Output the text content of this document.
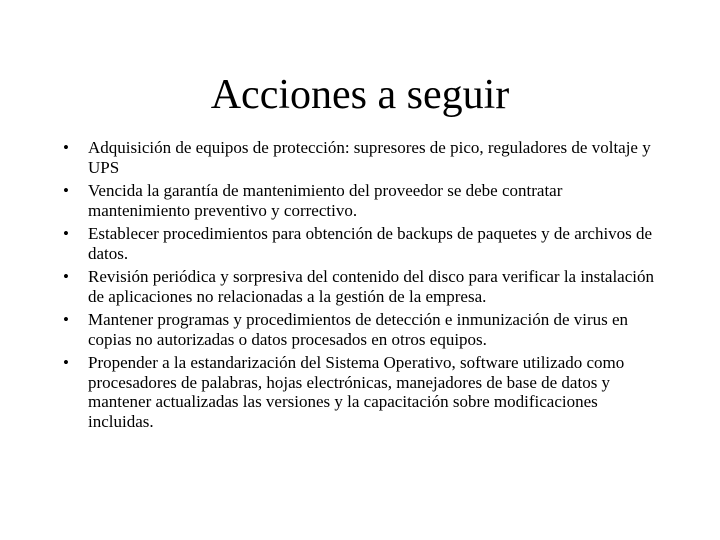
Acciones a seguir
•	Adquisición de equipos de protección: supresores de pico, reguladores de voltaje y UPS
•	Vencida la garantía de mantenimiento del proveedor se debe contratar mantenimiento preventivo y correctivo.
•	Establecer procedimientos para obtención de backups de paquetes y de archivos de datos.
•	Revisión periódica y sorpresiva del contenido del disco para verificar la instalación de aplicaciones no relacionadas a la gestión de la empresa.
•	Mantener programas y procedimientos de detección e inmunización de virus en copias no autorizadas o datos procesados en otros equipos.
•	Propender a la estandarización del Sistema Operativo, software utilizado como procesadores de palabras, hojas electrónicas, manejadores de base de datos y mantener actualizadas las versiones y la capacitación sobre modificaciones incluidas.
